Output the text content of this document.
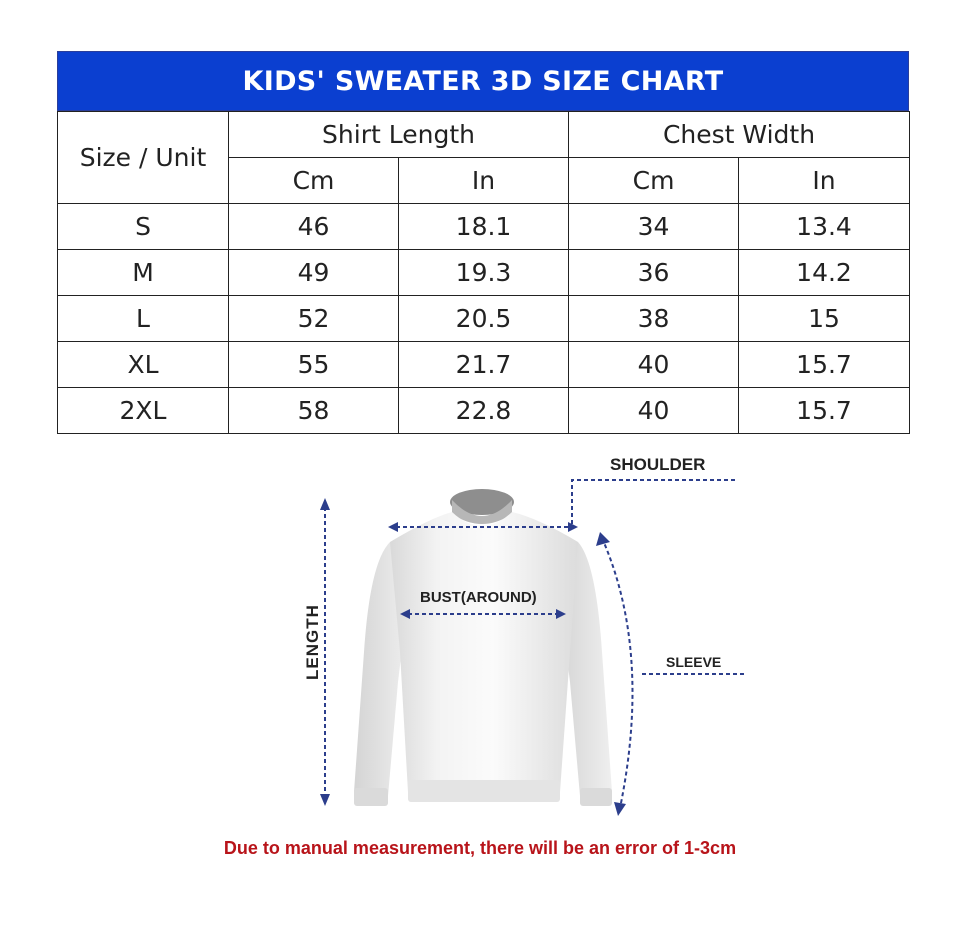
KIDS' SWEATER 3D SIZE CHART
Size / Unit	Shirt Length		Chest Width	
	Cm	In	Cm	In
S	46	18.1	34	13.4
M	49	19.3	36	14.2
L	52	20.5	38	15
XL	55	21.7	40	15.7
2XL	58	22.8	40	15.7
SHOULDER
BUST(AROUND)
SLEEVE
LENGTH
Due to manual measurement, there will be an error of 1-3cm
